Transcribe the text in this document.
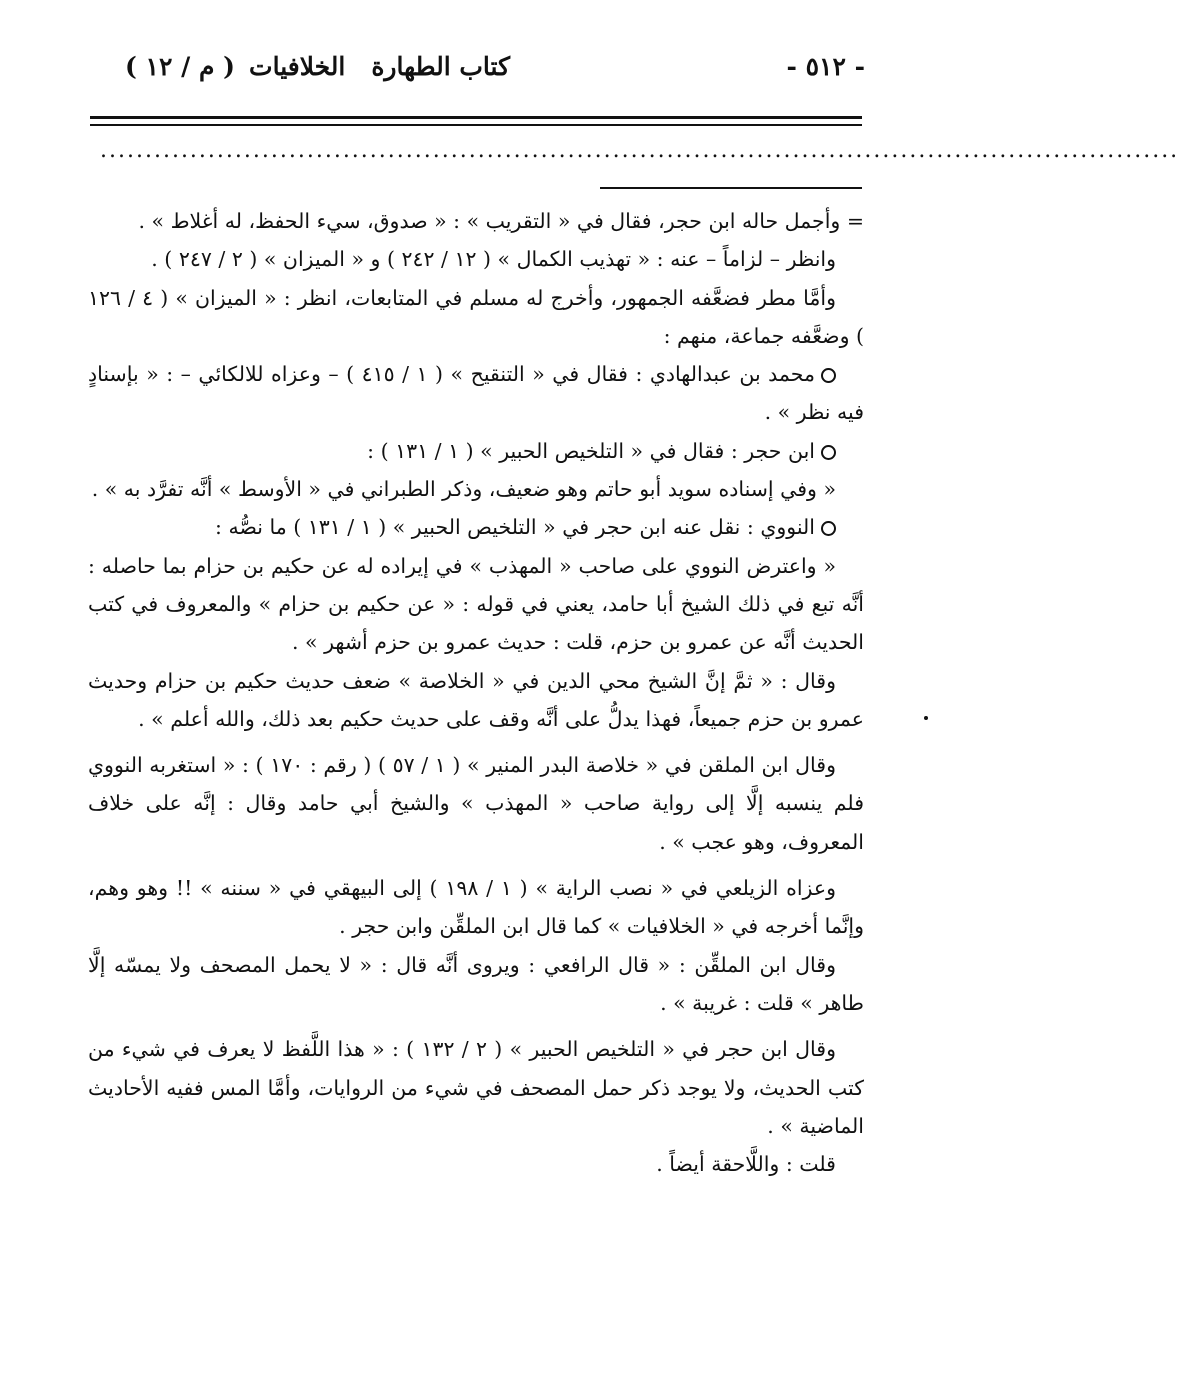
- ٥١٢ -
كتاب الطهارةالخلافيات
( م / ١٢ )
........................................................................................................................

= وأجمل حاله ابن حجر، فقال في « التقريب » : « صدوق، سيء الحفظ، له أغلاط » .

وانظر – لزاماً – عنه : « تهذيب الكمال » ( ١٢ / ٢٤٢ ) و « الميزان » ( ٢ / ٢٤٧ ) .

وأمَّا مطر فضعَّفه الجمهور، وأخرج له مسلم في المتابعات، انظر : « الميزان » ( ٤ / ١٢٦ ) وضعَّفه جماعة، منهم :

محمد بن عبدالهادي : فقال في « التنقيح » ( ١ / ٤١٥ ) – وعزاه للالكائي – : « بإسنادٍ فيه نظر » .

ابن حجر : فقال في « التلخيص الحبير » ( ١ / ١٣١ ) :

« وفي إسناده سويد أبو حاتم وهو ضعيف، وذكر الطبراني في « الأوسط » أنَّه تفرَّد به » .

النووي : نقل عنه ابن حجر في « التلخيص الحبير » ( ١ / ١٣١ ) ما نصُّه :

« واعترض النووي على صاحب « المهذب » في إيراده له عن حكيم بن حزام بما حاصله : أنَّه تبع في ذلك الشيخ أبا حامد، يعني في قوله : « عن حكيم بن حزام » والمعروف في كتب الحديث أنَّه عن عمرو بن حزم، قلت : حديث عمرو بن حزم أشهر » .

وقال : « ثمَّ إنَّ الشيخ محي الدين في « الخلاصة » ضعف حديث حكيم بن حزام وحديث عمرو بن حزم جميعاً، فهذا يدلُّ على أنَّه وقف على حديث حكيم بعد ذلك، والله أعلم » .

وقال ابن الملقن في « خلاصة البدر المنير » ( ١ / ٥٧ ) ( رقم : ١٧٠ ) : « استغربه النووي فلم ينسبه إلَّا إلى رواية صاحب « المهذب » والشيخ أبي حامد وقال : إنَّه على خلاف المعروف، وهو عجب » .

وعزاه الزيلعي في « نصب الراية » ( ١ / ١٩٨ ) إلى البيهقي في « سننه » !! وهو وهم، وإنَّما أخرجه في « الخلافيات » كما قال ابن الملقِّن وابن حجر .

وقال ابن الملقِّن : « قال الرافعي : ويروى أنَّه قال : « لا يحمل المصحف ولا يمسّه إلَّا طاهر » قلت : غريبة » .

وقال ابن حجر في « التلخيص الحبير » ( ٢ / ١٣٢ ) : « هذا اللَّفظ لا يعرف في شيء من كتب الحديث، ولا يوجد ذكر حمل المصحف في شيء من الروايات، وأمَّا المس ففيه الأحاديث الماضية » .

قلت : واللَّاحقة أيضاً .
